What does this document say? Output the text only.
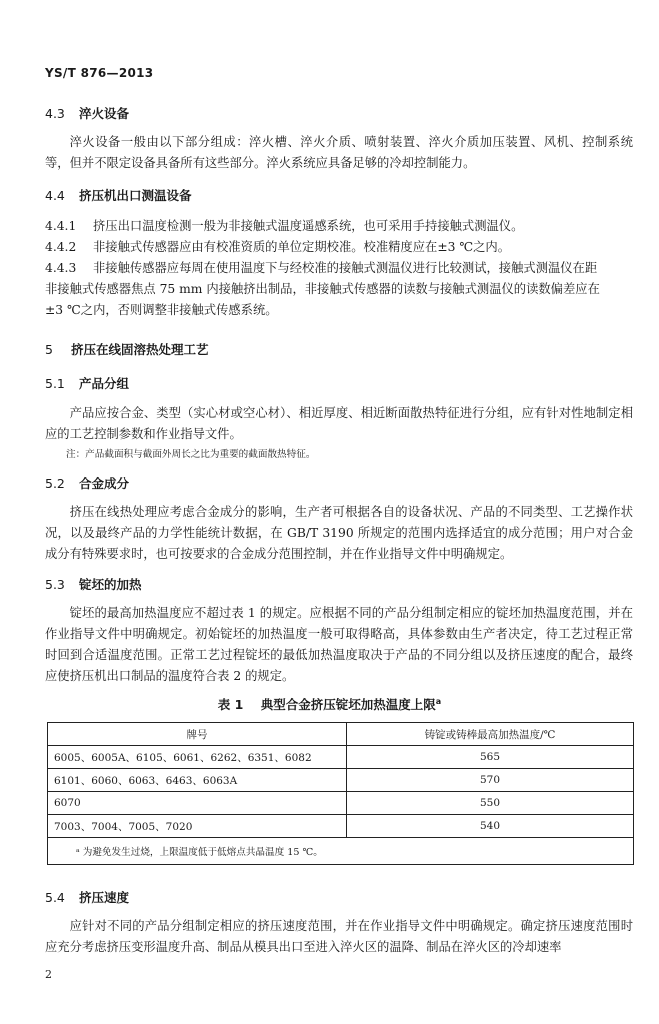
YS/T 876—2013
4.3 淬火设备
淬火设备一般由以下部分组成：淬火槽、淬火介质、喷射装置、淬火介质加压装置、风机、控制系统等，但并不限定设备具备所有这些部分。淬火系统应具备足够的冷却控制能力。
4.4 挤压机出口测温设备
4.4.1 挤压出口温度检测一般为非接触式温度遥感系统，也可采用手持接触式测温仪。
4.4.2 非接触式传感器应由有校准资质的单位定期校准。校准精度应在±3 ℃之内。
4.4.3 非接触传感器应每周在使用温度下与经校准的接触式测温仪进行比较测试，接触式测温仪在距
非接触式传感器焦点 75 mm 内接触挤出制品，非接触式传感器的读数与接触式测温仪的读数偏差应在
±3 ℃之内，否则调整非接触式传感系统。
5 挤压在线固溶热处理工艺
5.1 产品分组
产品应按合金、类型（实心材或空心材）、相近厚度、相近断面散热特征进行分组，应有针对性地制定相应的工艺控制参数和作业指导文件。
注：产品截面积与截面外周长之比为重要的截面散热特征。
5.2 合金成分
挤压在线热处理应考虑合金成分的影响，生产者可根据各自的设备状况、产品的不同类型、工艺操作状况，以及最终产品的力学性能统计数据，在 GB/T 3190 所规定的范围内选择适宜的成分范围；用户对合金成分有特殊要求时，也可按要求的合金成分范围控制，并在作业指导文件中明确规定。
5.3 锭坯的加热
锭坯的最高加热温度应不超过表 1 的规定。应根据不同的产品分组制定相应的锭坯加热温度范围，并在作业指导文件中明确规定。初始锭坯的加热温度一般可取得略高，具体参数由生产者决定，待工艺过程正常时回到合适温度范围。正常工艺过程锭坯的最低加热温度取决于产品的不同分组以及挤压速度的配合，最终应使挤压机出口制品的温度符合表 2 的规定。
表 1 典型合金挤压锭坯加热温度上限$^a$
牌号	铸锭或铸棒最高加热温度/℃
6005、6005A、6105、6061、6262、6351、6082	565
6101、6060、6063、6463、6063A	570
6070	550
7003、7004、7005、7020	540
ᵃ 为避免发生过烧，上限温度低于低熔点共晶温度 15 ℃。	
5.4 挤压速度
应针对不同的产品分组制定相应的挤压速度范围，并在作业指导文件中明确规定。确定挤压速度范围时应充分考虑挤压变形温度升高、制品从模具出口至进入淬火区的温降、制品在淬火区的冷却速率
2
